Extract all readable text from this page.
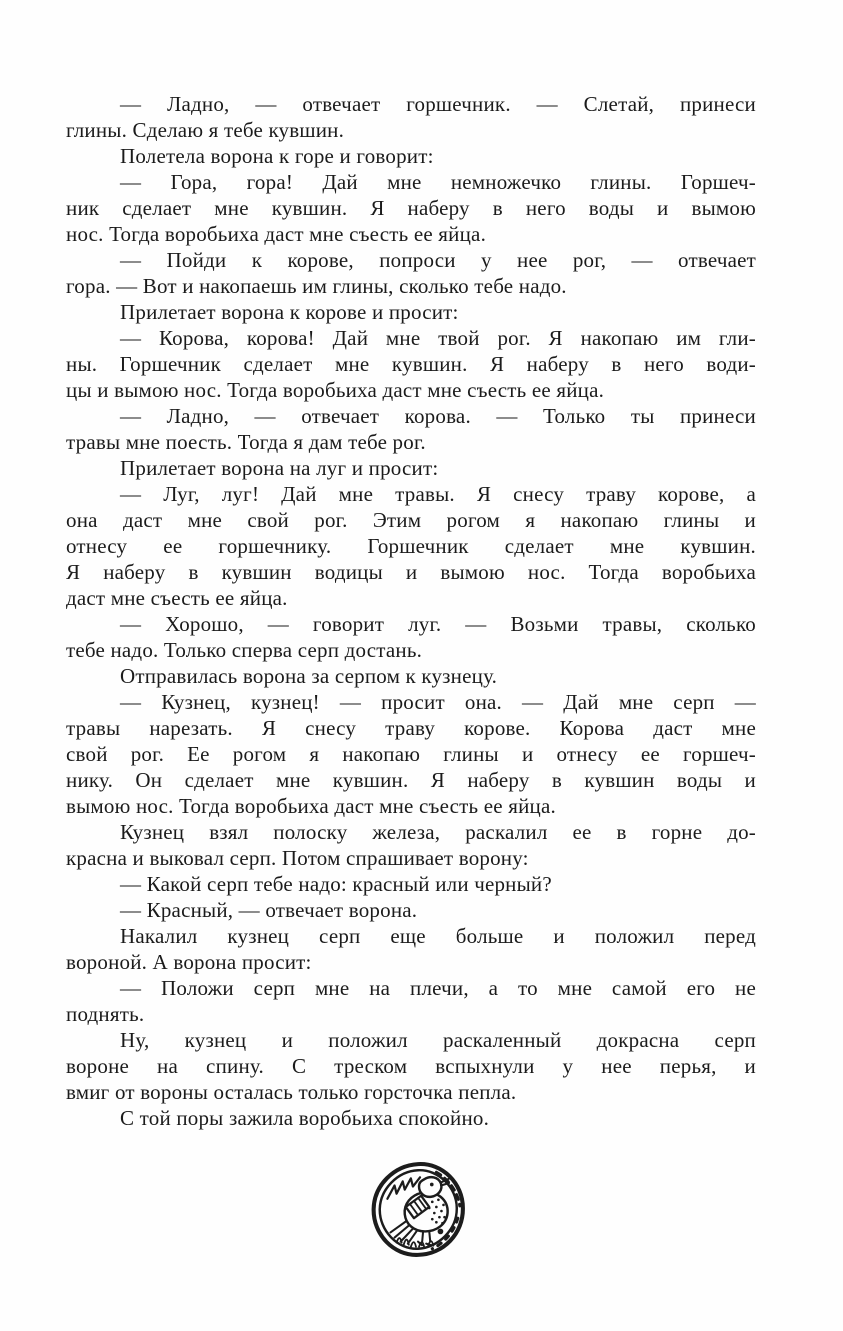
— Ладно, — отвечает горшечник. — Слетай, принеси
глины. Сделаю я тебе кувшин.
Полетела ворона к горе и говорит:
— Гора, гора! Дай мне немножечко глины. Горшеч-
ник сделает мне кувшин. Я наберу в него воды и вымою
нос. Тогда воробьиха даст мне съесть ее яйца.
— Пойди к корове, попроси у нее рог, — отвечает
гора. — Вот и накопаешь им глины, сколько тебе надо.
Прилетает ворона к корове и просит:
— Корова, корова! Дай мне твой рог. Я накопаю им гли-
ны. Горшечник сделает мне кувшин. Я наберу в него води-
цы и вымою нос. Тогда воробьиха даст мне съесть ее яйца.
— Ладно, — отвечает корова. — Только ты принеси
травы мне поесть. Тогда я дам тебе рог.
Прилетает ворона на луг и просит:
— Луг, луг! Дай мне травы. Я снесу траву корове, а
она даст мне свой рог. Этим рогом я накопаю глины и
отнесу ее горшечнику. Горшечник сделает мне кувшин.
Я наберу в кувшин водицы и вымою нос. Тогда воробьиха
даст мне съесть ее яйца.
— Хорошо, — говорит луг. — Возьми травы, сколько
тебе надо. Только сперва серп достань.
Отправилась ворона за серпом к кузнецу.
— Кузнец, кузнец! — просит она. — Дай мне серп —
травы нарезать. Я снесу траву корове. Корова даст мне
свой рог. Ее рогом я накопаю глины и отнесу ее горшеч-
нику. Он сделает мне кувшин. Я наберу в кувшин воды и
вымою нос. Тогда воробьиха даст мне съесть ее яйца.
Кузнец взял полоску железа, раскалил ее в горне до-
красна и выковал серп. Потом спрашивает ворону:
— Какой серп тебе надо: красный или черный?
— Красный, — отвечает ворона.
Накалил кузнец серп еще больше и положил перед
вороной. А ворона просит:
— Положи серп мне на плечи, а то мне самой его не
поднять.
Ну, кузнец и положил раскаленный докрасна серп
вороне на спину. С треском вспыхнули у нее перья, и
вмиг от вороны осталась только горсточка пепла.
С той поры зажила воробьиха спокойно.
